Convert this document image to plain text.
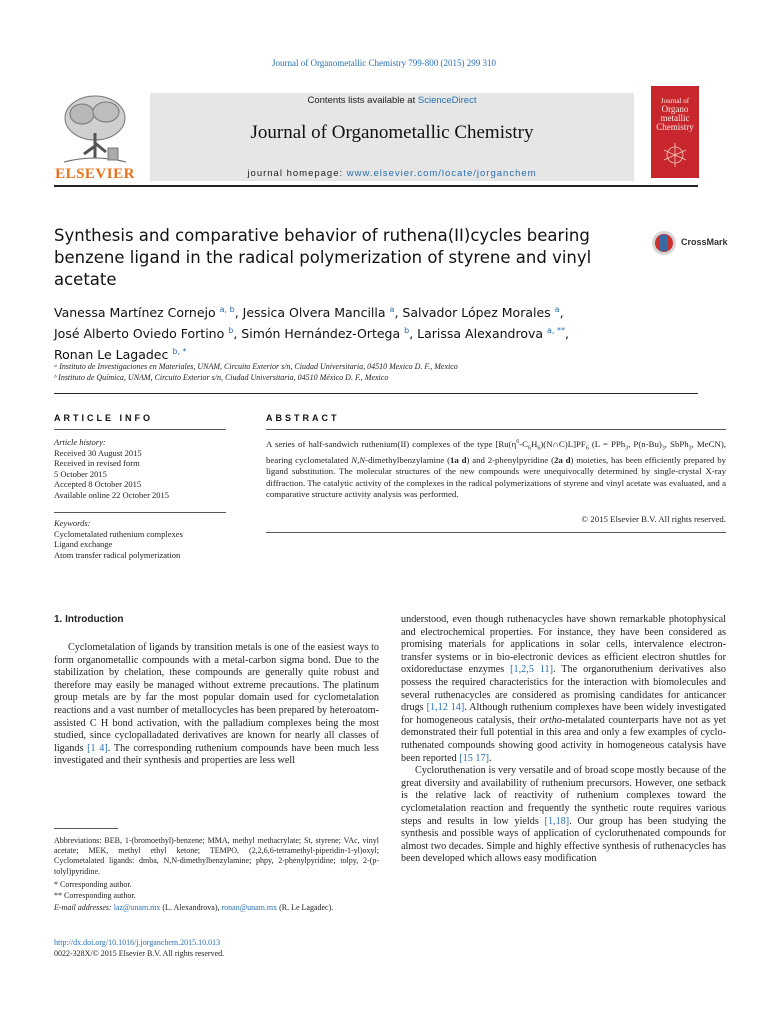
Journal of Organometallic Chemistry 799-800 (2015) 299 310
ELSEVIER
Contents lists available at ScienceDirect
Journal of Organometallic Chemistry
journal homepage: www.elsevier.com/locate/jorganchem
Journal of
Organo
metallic
Chemistry
Synthesis and comparative behavior of ruthena(II)cycles bearing benzene ligand in the radical polymerization of styrene and vinyl acetate
CrossMark
Vanessa Martínez Cornejo $^{a, b}$, Jessica Olvera Mancilla $^a$, Salvador López Morales $^a$,
José Alberto Oviedo Fortino $^b$, Simón Hernández-Ortega $^b$, Larissa Alexandrova $^{a, **}$,
Ronan Le Lagadec $^{b, *}$
ᵃ Instituto de Investigaciones en Materiales, UNAM, Circuito Exterior s/n, Ciudad Universitaria, 04510 Mexico D. F., Mexico
ᵇ Instituto de Química, UNAM, Circuito Exterior s/n, Ciudad Universitaria, 04510 México D. F., Mexico
ARTICLE INFO
Article history:
Received 30 August 2015
Received in revised form
5 October 2015
Accepted 8 October 2015
Available online 22 October 2015
Keywords:
Cyclometalated ruthenium complexes
Ligand exchange
Atom transfer radical polymerization
ABSTRACT
A series of half-sandwich ruthenium(II) complexes of the type $[Ru(\eta^6-C_6H_6)(N\cap C)L]PF_6$ (L = PPh$_3$, $P(n-Bu)_3$, SbPh$_3$, MeCN), bearing cyclometalated N,N-dimethylbenzylamine (1a d) and 2-phenylpyridine (2a d) moieties, has been efficiently prepared by ligand substitution. The molecular structures of the new compounds were unequivocally determined by single-crystal X-ray diffraction. The catalytic activity of the complexes in the radical polymerizations of styrene and vinyl acetate was evaluated, and a comparative structure activity analysis was performed.
© 2015 Elsevier B.V. All rights reserved.
1. Introduction

Cyclometalation of ligands by transition metals is one of the easiest ways to form organometallic compounds with a metal-carbon sigma bond. Due to the stabilization by chelation, these compounds are generally quite robust and therefore may easily be managed without extreme precautions. The platinum group metals are by far the most popular domain used for cyclometalation reactions and a vast number of metallocycles has been prepared by heteroatom-assisted C H bond activation, with the palladium complexes being the most studied, since cyclopalladated derivatives are known for nearly all classes of ligands [1 4]. The corresponding ruthenium compounds have been much less investigated and their synthesis and properties are less well

Abbreviations: BEB, 1-(bromoethyl)-benzene; MMA, methyl methacrylate; St, styrene; VAc, vinyl acetate; MEK, methyl ethyl ketone; TEMPO, (2,2,6,6-tetramethyl-piperidin-1-yl)oxyl; Cyclometalated ligands: dmba, N,N-dimethylbenzylamine; phpy, 2-phenylpyridine; tolpy, 2-(p-tolyl)pyridine.
* Corresponding author.
** Corresponding author.
E-mail addresses: laz@unam.mx (L. Alexandrova), ronan@unam.mx (R. Le Lagadec).
http://dx.doi.org/10.1016/j.jorganchem.2015.10.013
0022-328X/© 2015 Elsevier B.V. All rights reserved.

understood, even though ruthenacycles have shown remarkable photophysical and electrochemical properties. For instance, they have been considered as promising materials for applications in solar cells, intervalence electron-transfer systems or in bio-electronic devices as efficient electron shuttles for oxidoreductase enzymes [1,2,5 11]. The organoruthenium derivatives also possess the required characteristics for the interaction with biomolecules and several ruthenacycles are considered as promising candidates for anticancer drugs [1,12 14]. Although ruthenium complexes have been widely investigated for homogeneous catalysis, their ortho-metalated counterparts have not as yet demonstrated their full potential in this area and only a few examples of cyclo-ruthenated compounds showing good activity in homogeneous catalysis have been reported [15 17].

Cycloruthenation is very versatile and of broad scope mostly because of the great diversity and availability of ruthenium precursors. However, one setback is the relative lack of reactivity of ruthenium complexes toward the cyclometalation reaction and frequently the synthetic route requires various steps and results in low yields [1,18]. Our group has been studying the synthesis and possible ways of application of cycloruthenated compounds for almost two decades. Simple and highly effective synthesis of ruthenacycles has been developed which allows easy modification
